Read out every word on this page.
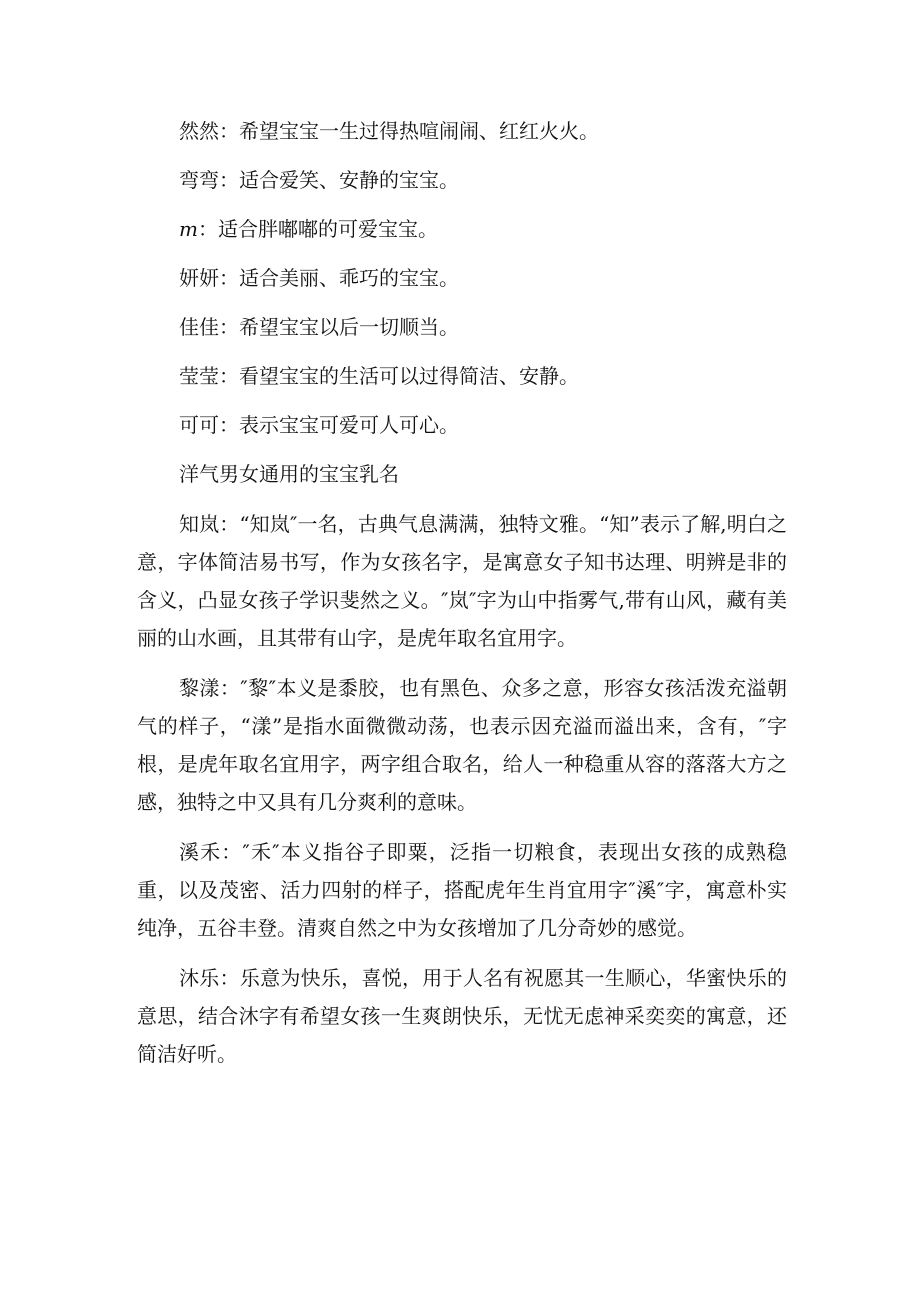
然然：希望宝宝一生过得热喧闹闹、红红火火。
弯弯：适合爱笑、安静的宝宝。
m：适合胖嘟嘟的可爱宝宝。
妍妍：适合美丽、乖巧的宝宝。
佳佳：希望宝宝以后一切顺当。
莹莹：看望宝宝的生活可以过得简洁、安静。
可可：表示宝宝可爱可人可心。
洋气男女通用的宝宝乳名

知岚：“知岚″一名，古典气息满满，独特文雅。“知”表示了解,明白之意，字体简洁易书写，作为女孩名字，是寓意女子知书达理、明辨是非的含义，凸显女孩子学识斐然之义。″岚″字为山中指雾气,带有山风，藏有美丽的山水画，且其带有山字，是虎年取名宜用字。

黎漾：″黎″本义是黍胶，也有黑色、众多之意，形容女孩活泼充溢朝气的样子，“漾”是指水面微微动荡，也表示因充溢而溢出来，含有，″字根，是虎年取名宜用字，两字组合取名，给人一种稳重从容的落落大方之感，独特之中又具有几分爽利的意味。

溪禾：″禾″本义指谷子即粟，泛指一切粮食，表现出女孩的成熟稳重，以及茂密、活力四射的样子，搭配虎年生肖宜用字″溪″字，寓意朴实纯净，五谷丰登。清爽自然之中为女孩增加了几分奇妙的感觉。

沐乐：乐意为快乐，喜悦，用于人名有祝愿其一生顺心，华蜜快乐的意思，结合沐字有希望女孩一生爽朗快乐，无忧无虑神采奕奕的寓意，还简洁好听。
